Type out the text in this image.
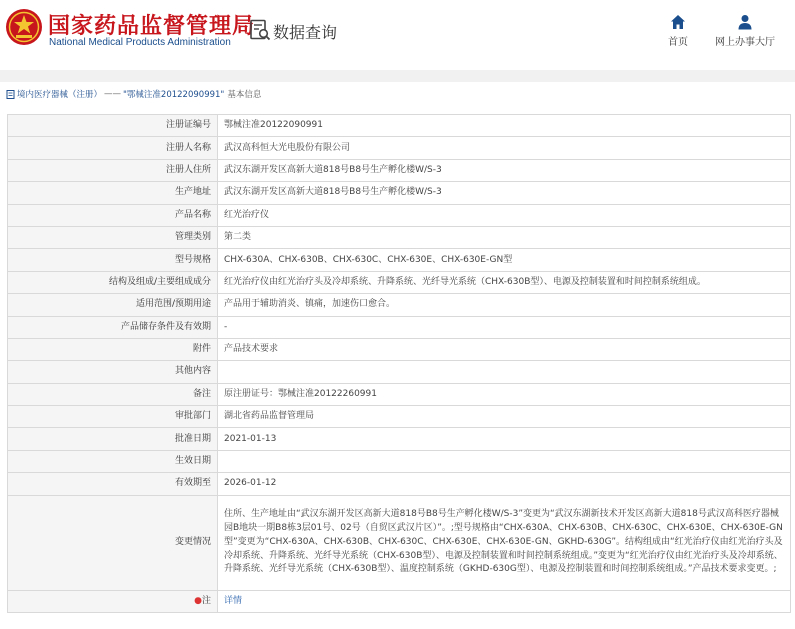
国家药品监督管理局
National Medical Products Administration
数据查询
首页	网上办事大厅
境内医疗器械（注册） —— "鄂械注准20122090991" 基本信息
注册证编号	鄂械注准20122090991
注册人名称	武汉高科恒大光电股份有限公司
注册人住所	武汉东湖开发区高新大道818号B8号生产孵化楼W/S-3
生产地址	武汉东湖开发区高新大道818号B8号生产孵化楼W/S-3
产品名称	红光治疗仪
管理类别	第二类
型号规格	CHX-630A、CHX-630B、CHX-630C、CHX-630E、CHX-630E-GN型
结构及组成/主要组成成分	红光治疗仪由红光治疗头及冷却系统、升降系统、光纤导光系统（CHX-630B型）、电源及控制装置和时间控制系统组成。
适用范围/预期用途	产品用于辅助消炎、镇痛，加速伤口愈合。
产品储存条件及有效期	-
附件	产品技术要求
其他内容	
备注	原注册证号：鄂械注准20122260991
审批部门	湖北省药品监督管理局
批准日期	2021-01-13
生效日期	
有效期至	2026-01-12
变更情况	住所、生产地址由“武汉东湖开发区高新大道818号B8号生产孵化楼W/S-3”变更为“武汉东湖新技术开发区高新大道818号武汉高科医疗器械园B地块一期B8栋3层01号、02号（自贸区武汉片区）”。;型号规格由“CHX-630A、CHX-630B、CHX-630C、CHX-630E、CHX-630E-GN型”变更为“CHX-630A、CHX-630B、CHX-630C、CHX-630E、CHX-630E-GN、GKHD-630G”。结构组成由“红光治疗仪由红光治疗头及冷却系统、升降系统、光纤导光系统（CHX-630B型）、电源及控制装置和时间控制系统组成。”变更为“红光治疗仪由红光治疗头及冷却系统、升降系统、光纤导光系统（CHX-630B型）、温度控制系统（GKHD-630G型）、电源及控制装置和时间控制系统组成。”产品技术要求变更。;
●注	详情
